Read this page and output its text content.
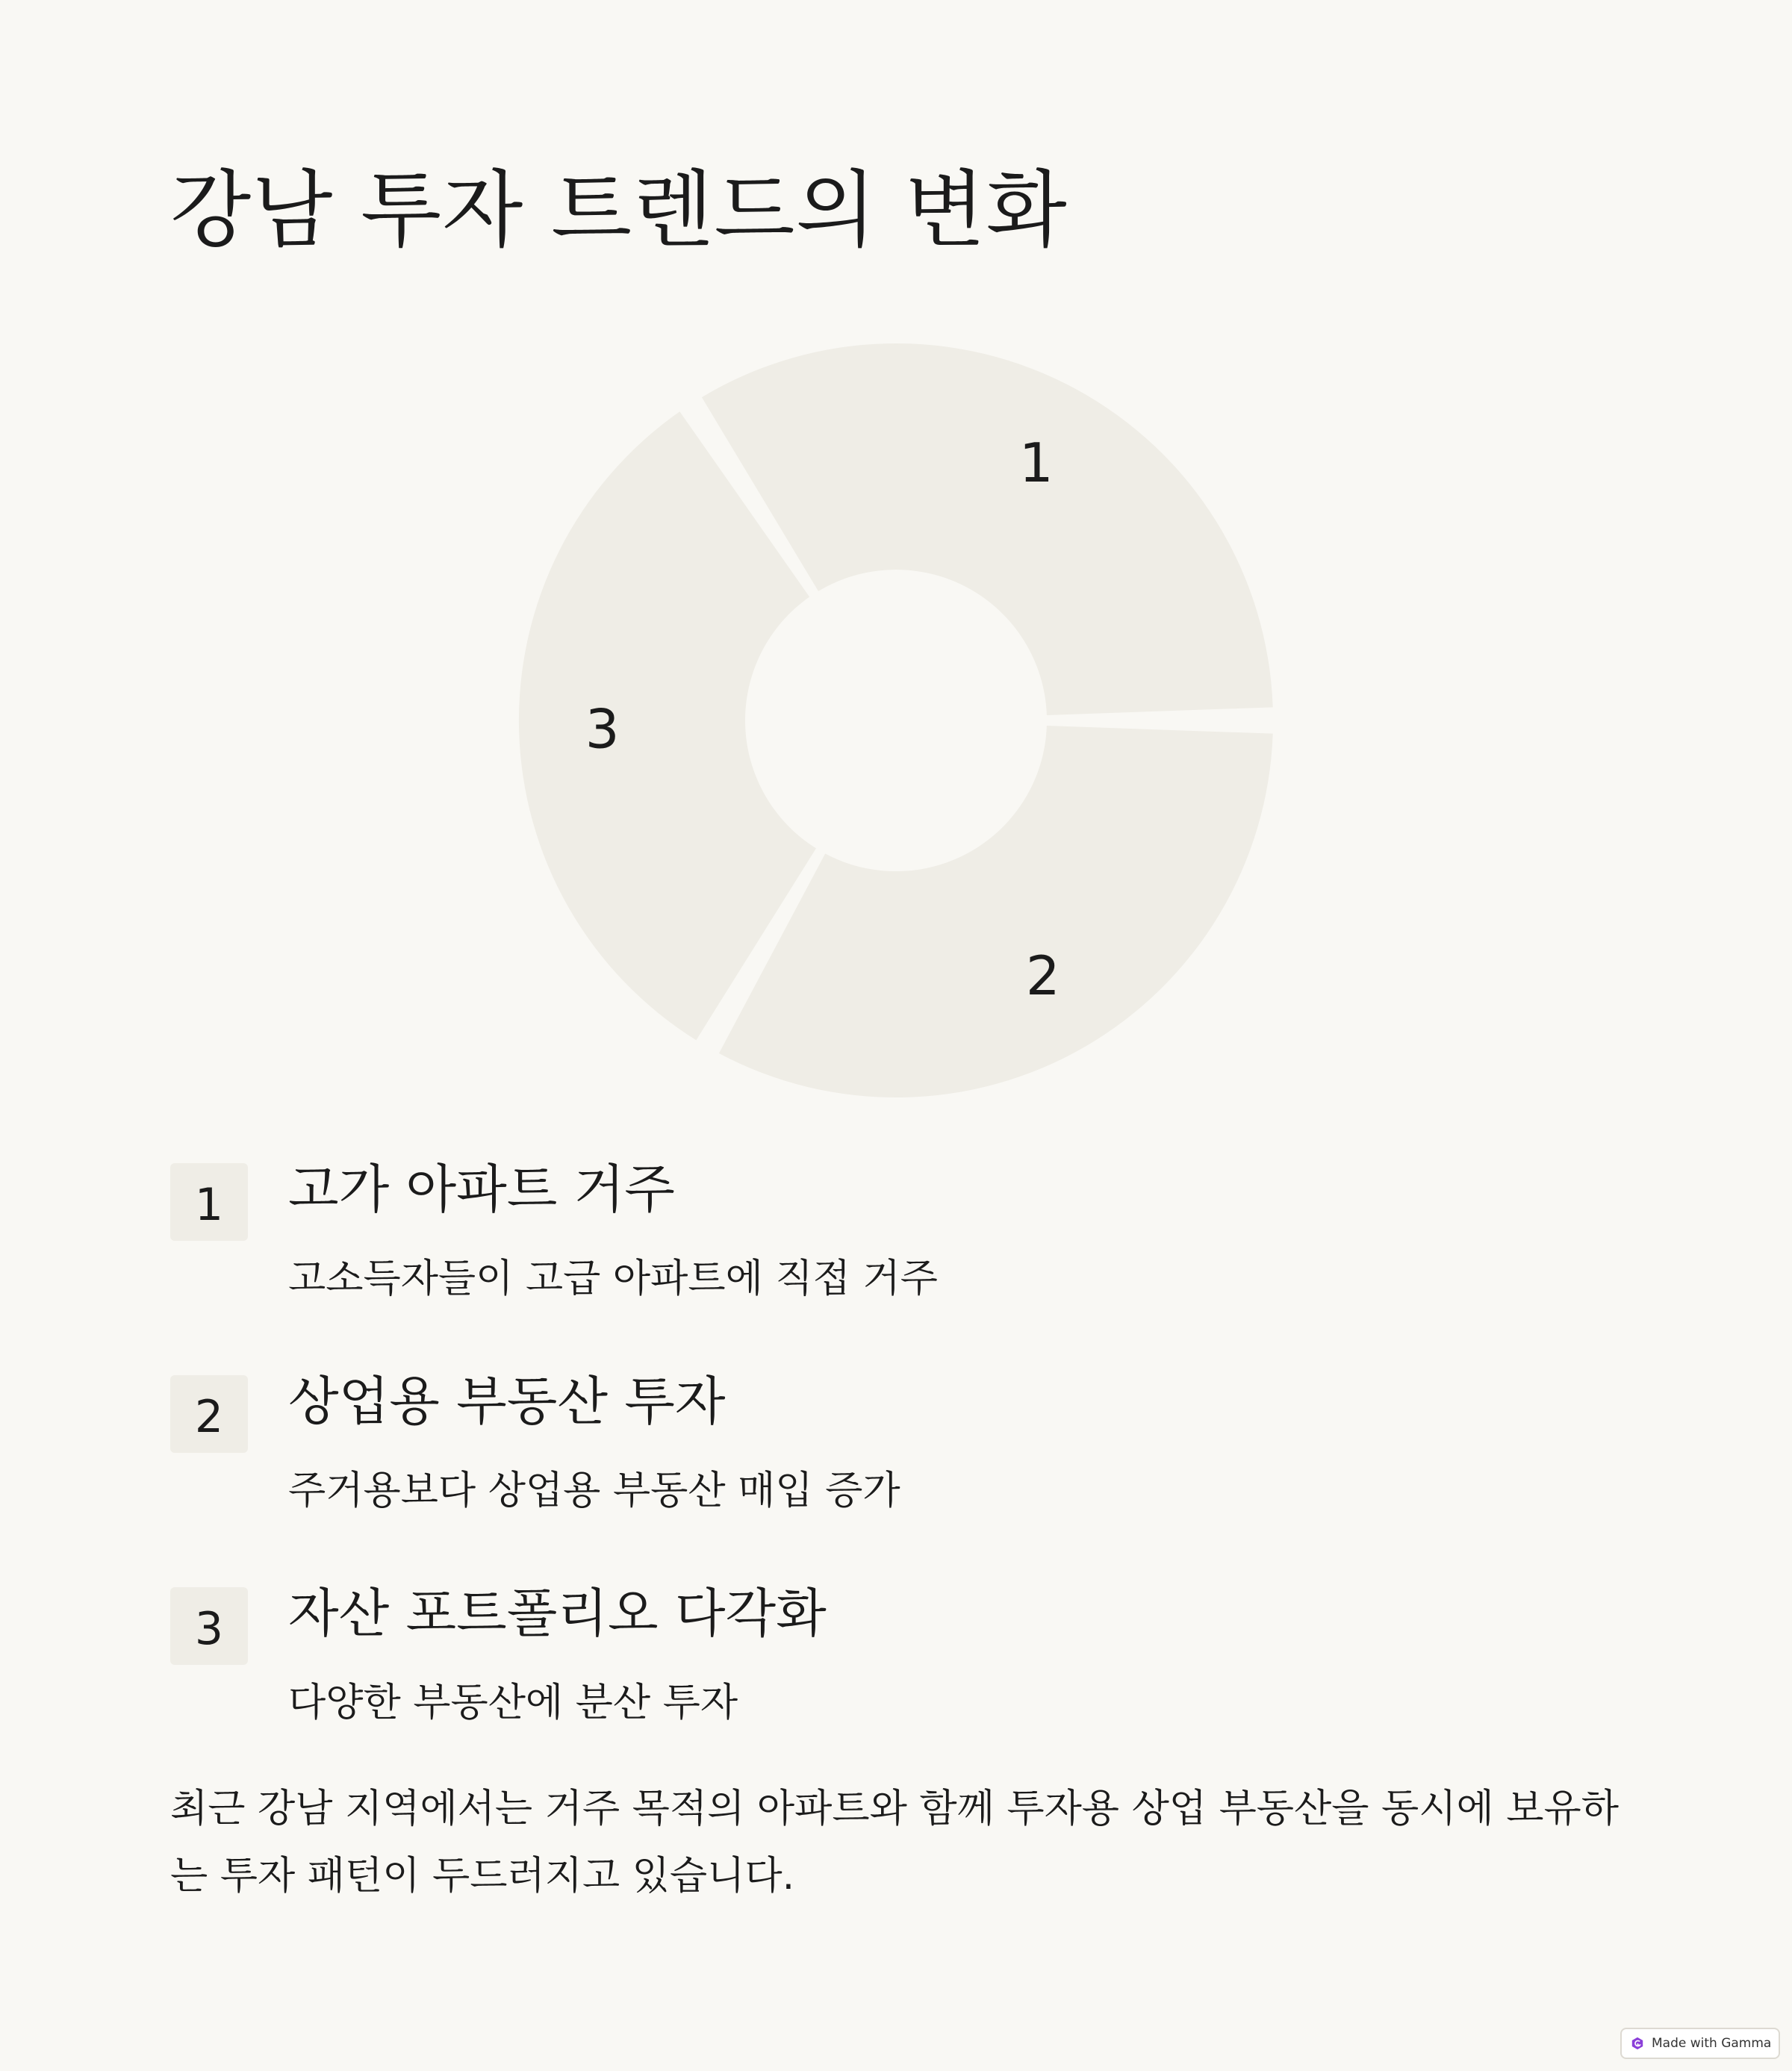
강남 투자 트렌드의 변화
1
2
3
1	고가 아파트 거주
고소득자들이 고급 아파트에 직접 거주
2	상업용 부동산 투자
주거용보다 상업용 부동산 매입 증가
3	자산 포트폴리오 다각화
다양한 부동산에 분산 투자

최근 강남 지역에서는 거주 목적의 아파트와 함께 투자용 상업 부동산을 동시에 보유하는 투자 패턴이 두드러지고 있습니다.

Made with Gamma
